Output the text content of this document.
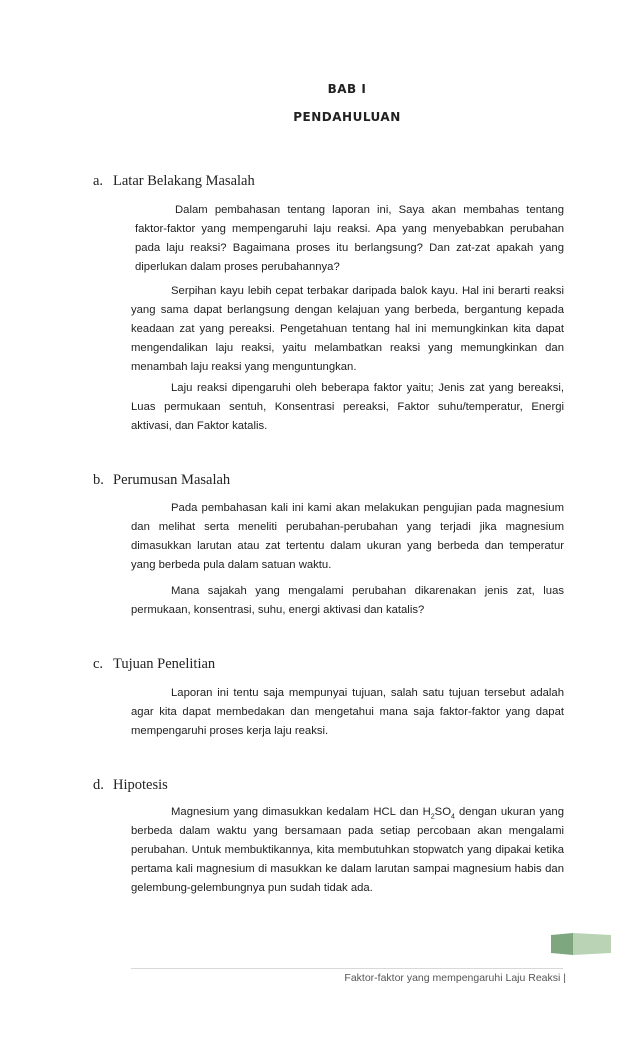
BAB I
PENDAHULUAN
a. Latar Belakang Masalah

Dalam pembahasan tentang laporan ini, Saya akan membahas tentang faktor-faktor yang mempengaruhi laju reaksi. Apa yang menyebabkan perubahan pada laju reaksi? Bagaimana proses itu berlangsung? Dan zat-zat apakah yang diperlukan dalam proses perubahannya?

Serpihan kayu lebih cepat terbakar daripada balok kayu. Hal ini berarti reaksi yang sama dapat berlangsung dengan kelajuan yang berbeda, bergantung kepada keadaan zat yang pereaksi. Pengetahuan tentang hal ini memungkinkan kita dapat mengendalikan laju reaksi, yaitu melambatkan reaksi yang memungkinkan dan menambah laju reaksi yang menguntungkan.

Laju reaksi dipengaruhi oleh beberapa faktor yaitu; Jenis zat yang bereaksi, Luas permukaan sentuh, Konsentrasi pereaksi, Faktor suhu/temperatur, Energi aktivasi, dan Faktor katalis.

b. Perumusan Masalah

Pada pembahasan kali ini kami akan melakukan pengujian pada magnesium dan melihat serta meneliti perubahan-perubahan yang terjadi jika magnesium dimasukkan larutan atau zat tertentu dalam ukuran yang berbeda dan temperatur yang berbeda pula dalam satuan waktu.

Mana sajakah yang mengalami perubahan dikarenakan jenis zat, luas permukaan, konsentrasi, suhu, energi aktivasi dan katalis?

c. Tujuan Penelitian

Laporan ini tentu saja mempunyai tujuan, salah satu tujuan tersebut adalah agar kita dapat membedakan dan mengetahui mana saja faktor-faktor yang dapat mempengaruhi proses kerja laju reaksi.

d. Hipotesis

Magnesium yang dimasukkan kedalam HCL dan $H_2SO_4$ dengan ukuran yang berbeda dalam waktu yang bersamaan pada setiap percobaan akan mengalami perubahan. Untuk membuktikannya, kita membutuhkan stopwatch yang dipakai ketika pertama kali magnesium di masukkan ke dalam larutan sampai magnesium habis dan gelembung-gelembungnya pun sudah tidak ada.

Faktor-faktor yang mempengaruhi Laju Reaksi |
